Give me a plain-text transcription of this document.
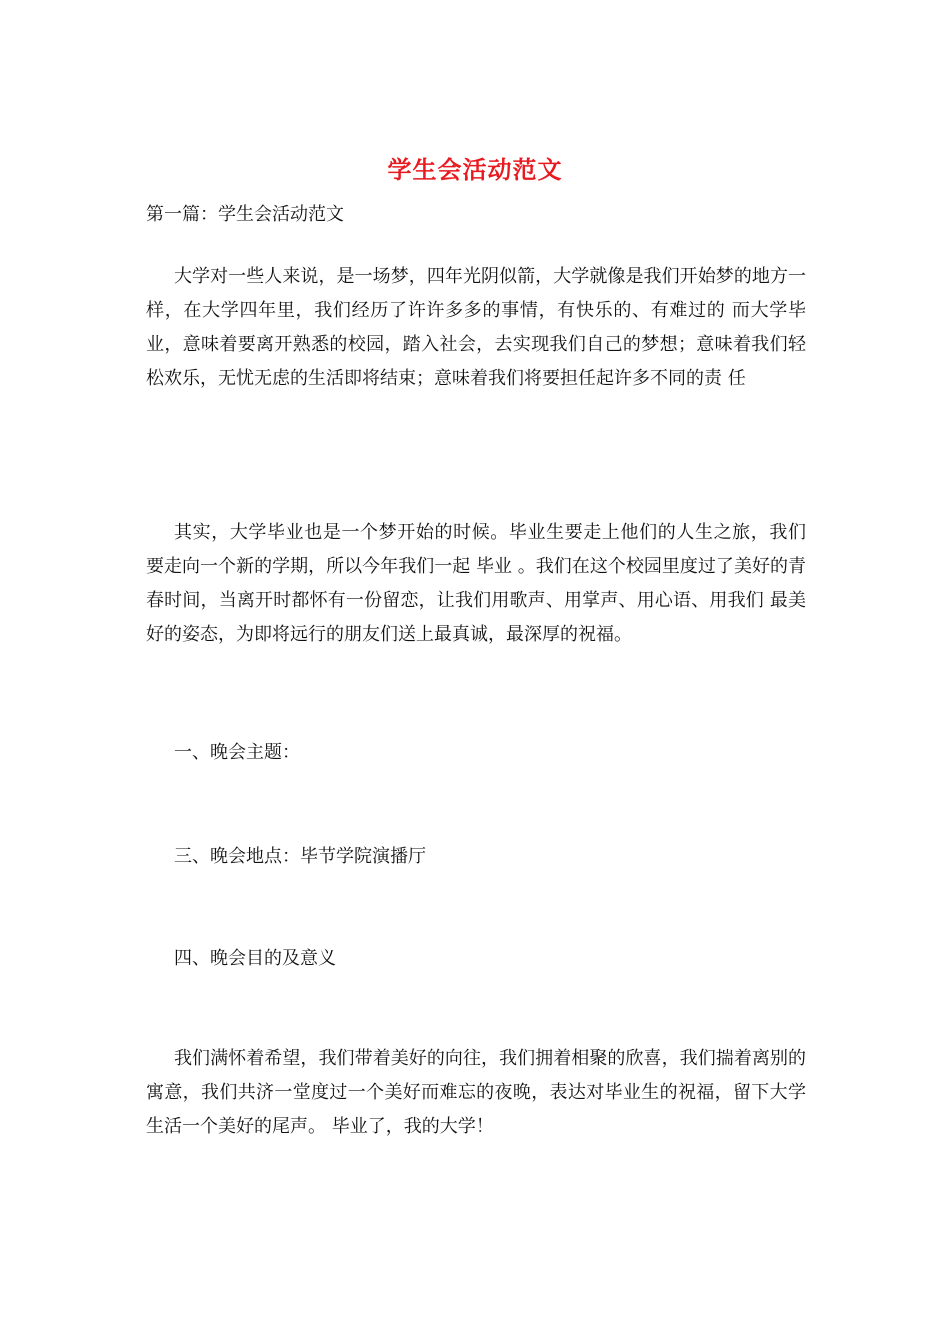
学生会活动范文

第一篇：学生会活动范文

大学对一些人来说，是一场梦，四年光阴似箭，大学就像是我们开始梦的地方一样，在大学四年里，我们经历了许许多多的事情，有快乐的、有难过的 而大学毕业，意味着要离开熟悉的校园，踏入社会，去实现我们自己的梦想；意味着我们轻松欢乐，无忧无虑的生活即将结束；意味着我们将要担任起许多不同的责 任

其实，大学毕业也是一个梦开始的时候。毕业生要走上他们的人生之旅，我们 要走向一个新的学期，所以今年我们一起 毕业 。我们在这个校园里度过了美好的青春时间，当离开时都怀有一份留恋，让我们用歌声、用掌声、用心语、用我们 最美好的姿态，为即将远行的朋友们送上最真诚，最深厚的祝福。

一、晚会主题：

三、晚会地点：毕节学院演播厅

四、晚会目的及意义

我们满怀着希望，我们带着美好的向往，我们拥着相聚的欣喜，我们揣着离别的寓意，我们共济一堂度过一个美好而难忘的夜晚，表达对毕业生的祝福，留下大学生活一个美好的尾声。 毕业了，我的大学！
